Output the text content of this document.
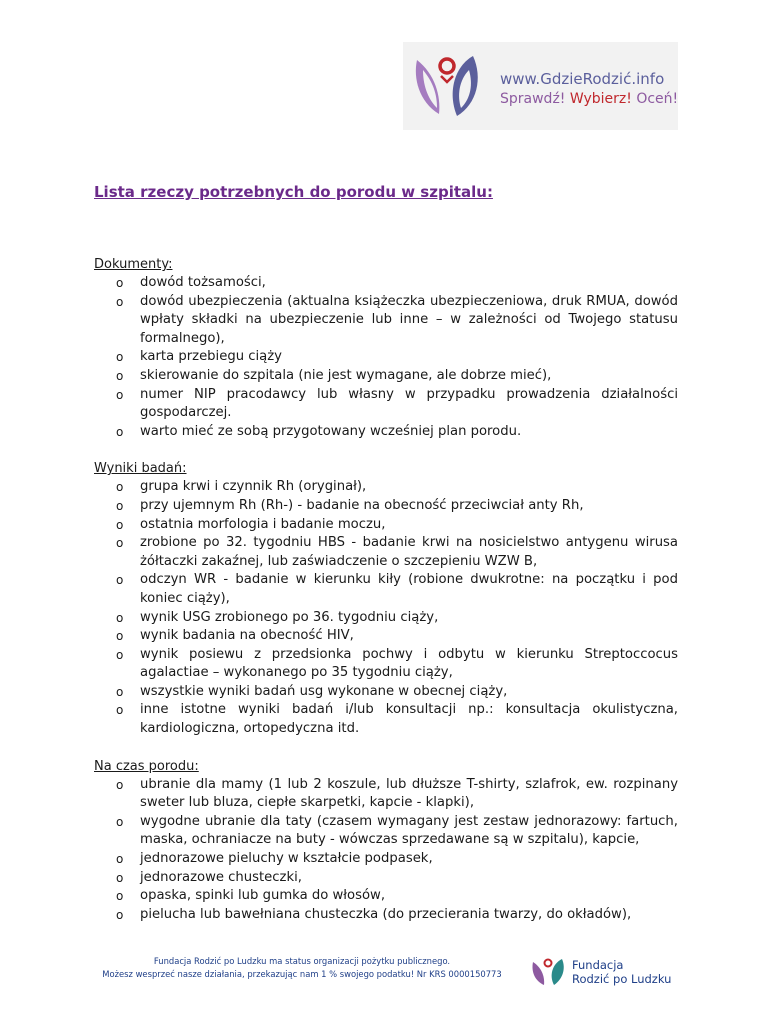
www.GdzieRodzić.info
Sprawdź! Wybierz! Oceń!
Lista rzeczy potrzebnych do porodu w szpitalu:
Dokumenty:
o dowód tożsamości,
o dowód ubezpieczenia (aktualna książeczka ubezpieczeniowa, druk RMUA, dowód wpłaty składki na ubezpieczenie lub inne – w zależności od Twojego statusu formalnego),
o karta przebiegu ciąży
o skierowanie do szpitala (nie jest wymagane, ale dobrze mieć),
o numer NIP pracodawcy lub własny w przypadku prowadzenia działalności gospodarczej.
o warto mieć ze sobą przygotowany wcześniej plan porodu.
Wyniki badań:
o grupa krwi i czynnik Rh (oryginał),
o przy ujemnym Rh (Rh-) - badanie na obecność przeciwciał anty Rh,
o ostatnia morfologia i badanie moczu,
o zrobione po 32. tygodniu HBS - badanie krwi na nosicielstwo antygenu wirusa żółtaczki zakaźnej, lub zaświadczenie o szczepieniu WZW B,
o odczyn WR - badanie w kierunku kiły (robione dwukrotne: na początku i pod koniec ciąży),
o wynik USG zrobionego po 36. tygodniu ciąży,
o wynik badania na obecność HIV,
o wynik posiewu z przedsionka pochwy i odbytu w kierunku Streptoccocus agalactiae – wykonanego po 35 tygodniu ciąży,
o wszystkie wyniki badań usg wykonane w obecnej ciąży,
o inne istotne wyniki badań i/lub konsultacji np.: konsultacja okulistyczna, kardiologiczna, ortopedyczna itd.
Na czas porodu:
o ubranie dla mamy (1 lub 2 koszule, lub dłuższe T-shirty, szlafrok, ew. rozpinany sweter lub bluza, ciepłe skarpetki, kapcie - klapki),
o wygodne ubranie dla taty (czasem wymagany jest zestaw jednorazowy: fartuch, maska, ochraniacze na buty - wówczas sprzedawane są w szpitalu), kapcie,
o jednorazowe pieluchy w kształcie podpasek,
o jednorazowe chusteczki,
o opaska, spinki lub gumka do włosów,
o pielucha lub bawełniana chusteczka (do przecierania twarzy, do okładów),
Fundacja Rodzić po Ludzku ma status organizacji pożytku publicznego.
Możesz wesprzeć nasze działania, przekazując nam 1 % swojego podatku! Nr KRS 0000150773
Fundacja
Rodzić po Ludzku
